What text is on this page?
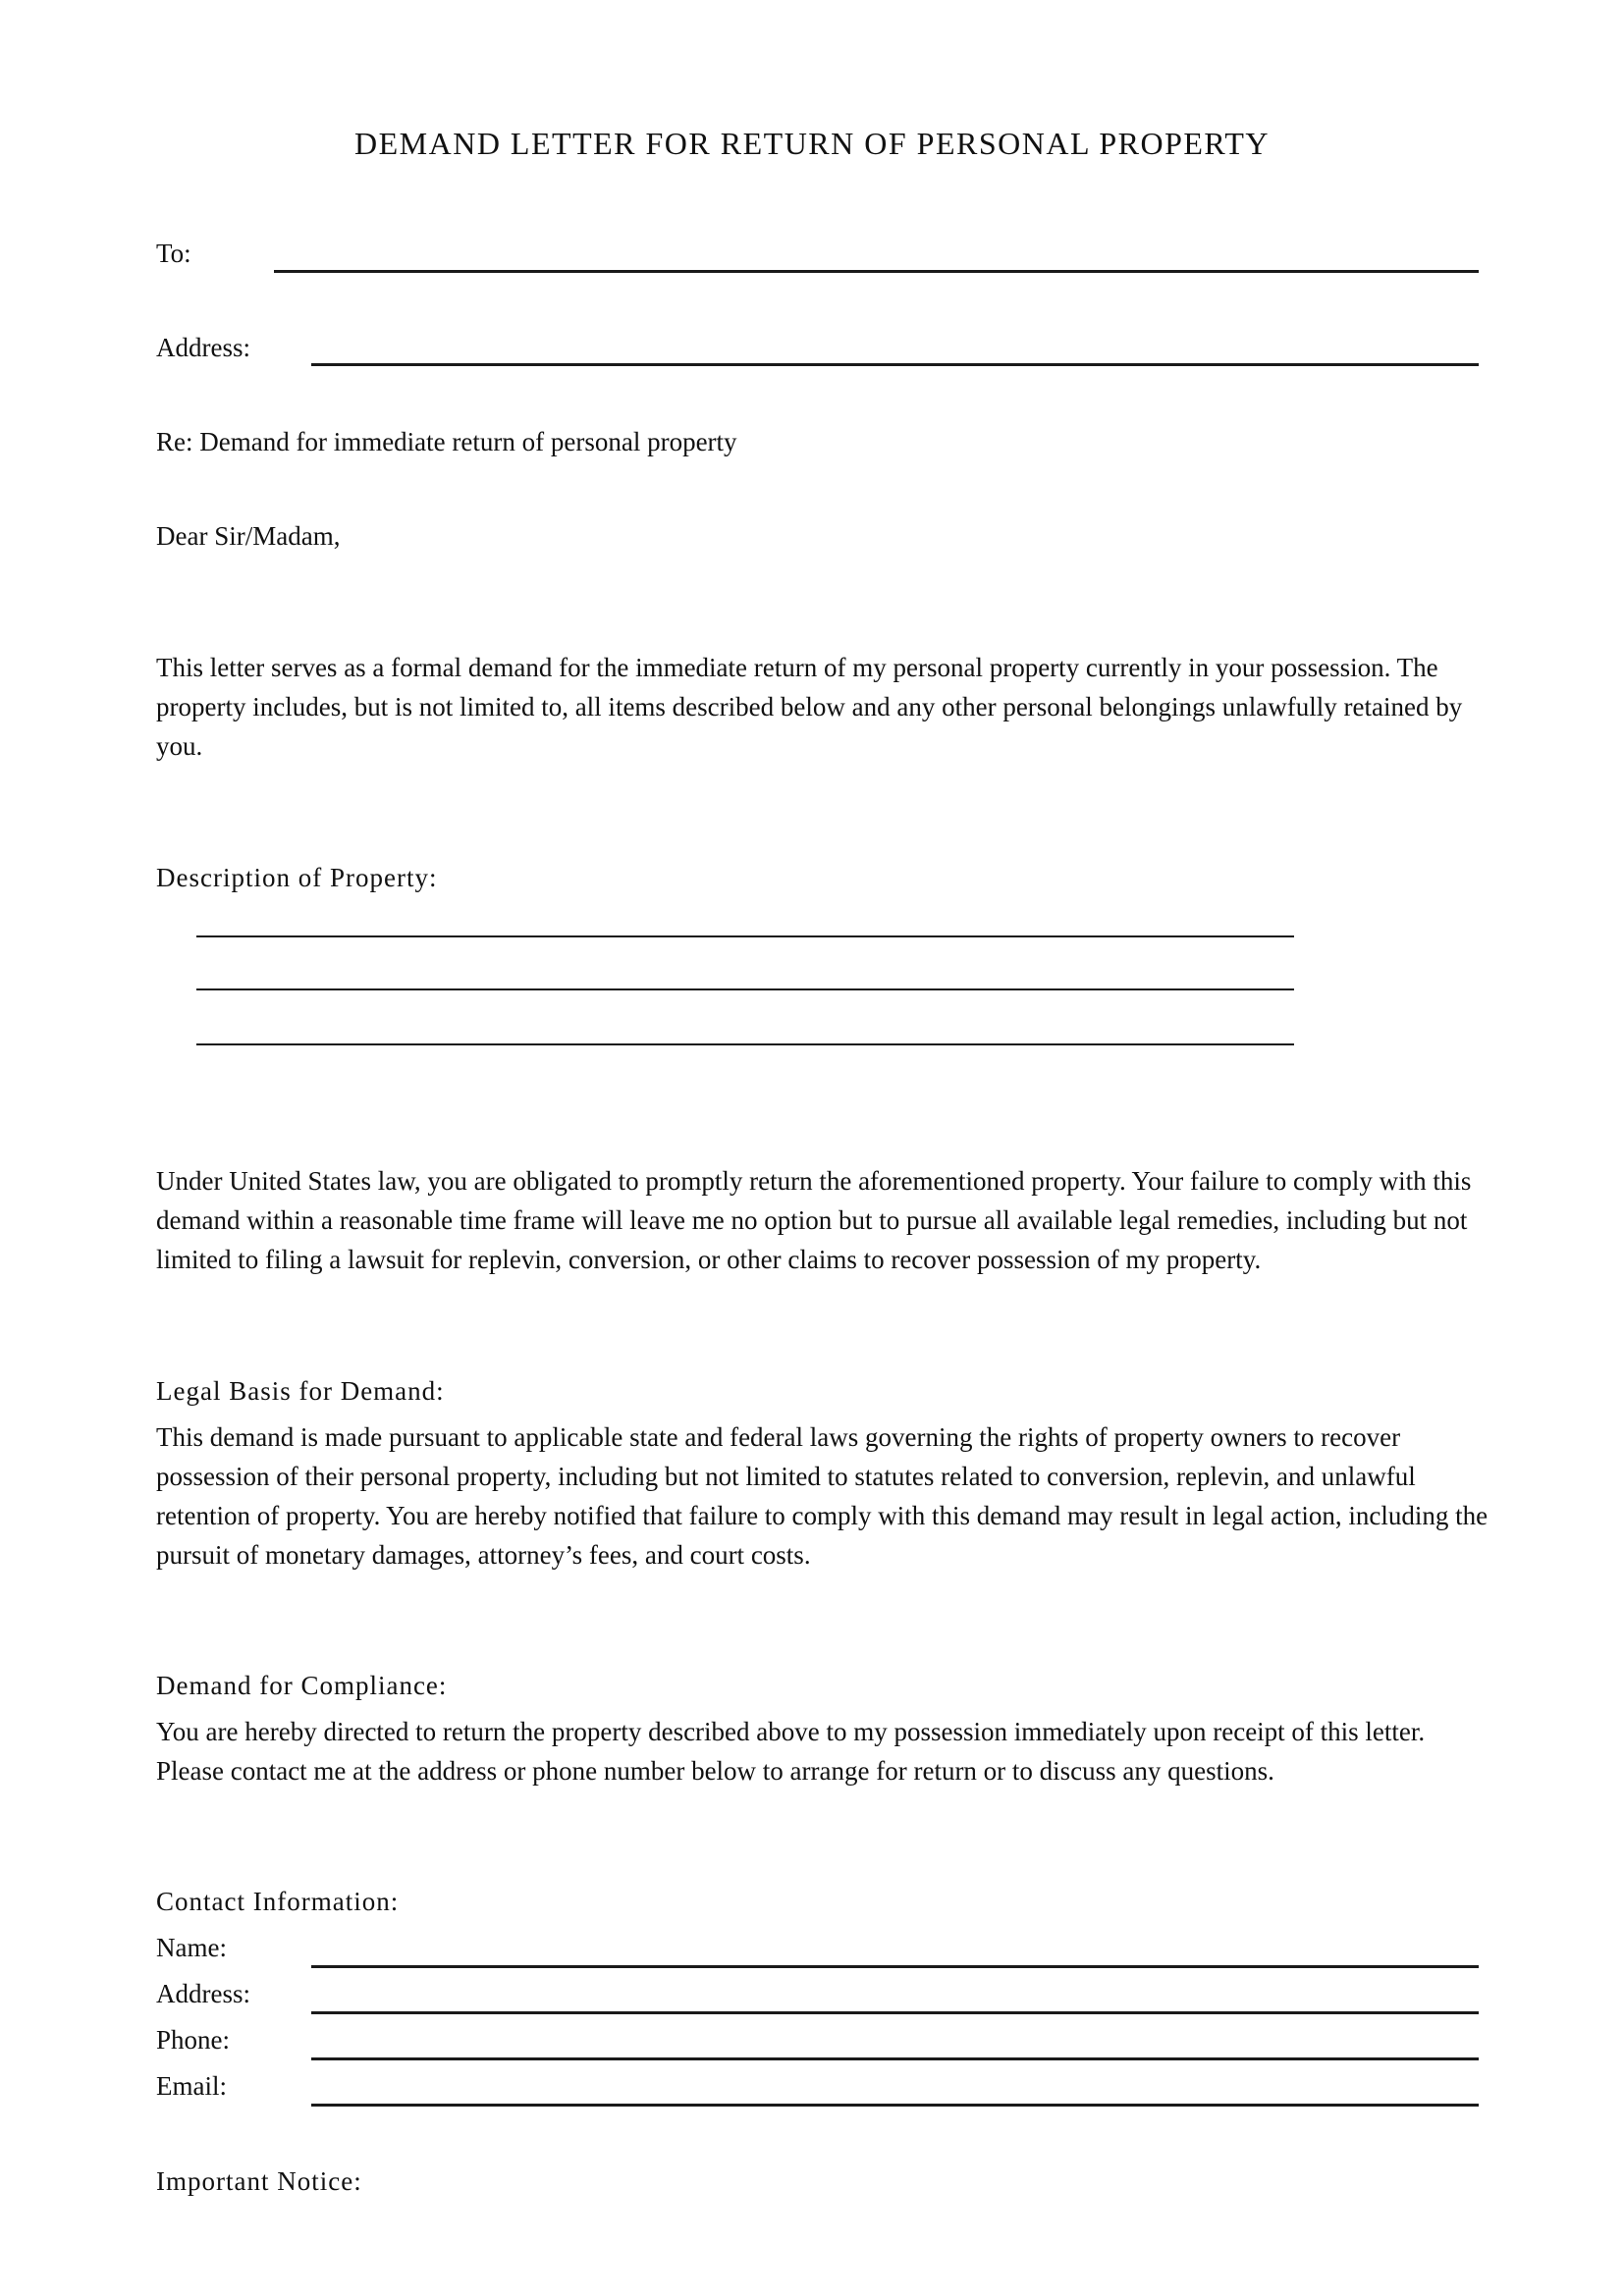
DEMAND LETTER FOR RETURN OF PERSONAL PROPERTY
To:
Address:
Re: Demand for immediate return of personal property
Dear Sir/Madam,

This letter serves as a formal demand for the immediate return of my personal property currently in your possession. The property includes, but is not limited to, all items described below and any other personal belongings unlawfully retained by you.

Description of Property:

Under United States law, you are obligated to promptly return the aforementioned property. Your failure to comply with this demand within a reasonable time frame will leave me no option but to pursue all available legal remedies, including but not limited to filing a lawsuit for replevin, conversion, or other claims to recover possession of my property.

Legal Basis for Demand:

This demand is made pursuant to applicable state and federal laws governing the rights of property owners to recover possession of their personal property, including but not limited to statutes related to conversion, replevin, and unlawful retention of property. You are hereby notified that failure to comply with this demand may result in legal action, including the pursuit of monetary damages, attorney’s fees, and court costs.

Demand for Compliance:

You are hereby directed to return the property described above to my possession immediately upon receipt of this letter. Please contact me at the address or phone number below to arrange for return or to discuss any questions.

Contact Information:
Name:
Address:
Phone:
Email:
Important Notice:
